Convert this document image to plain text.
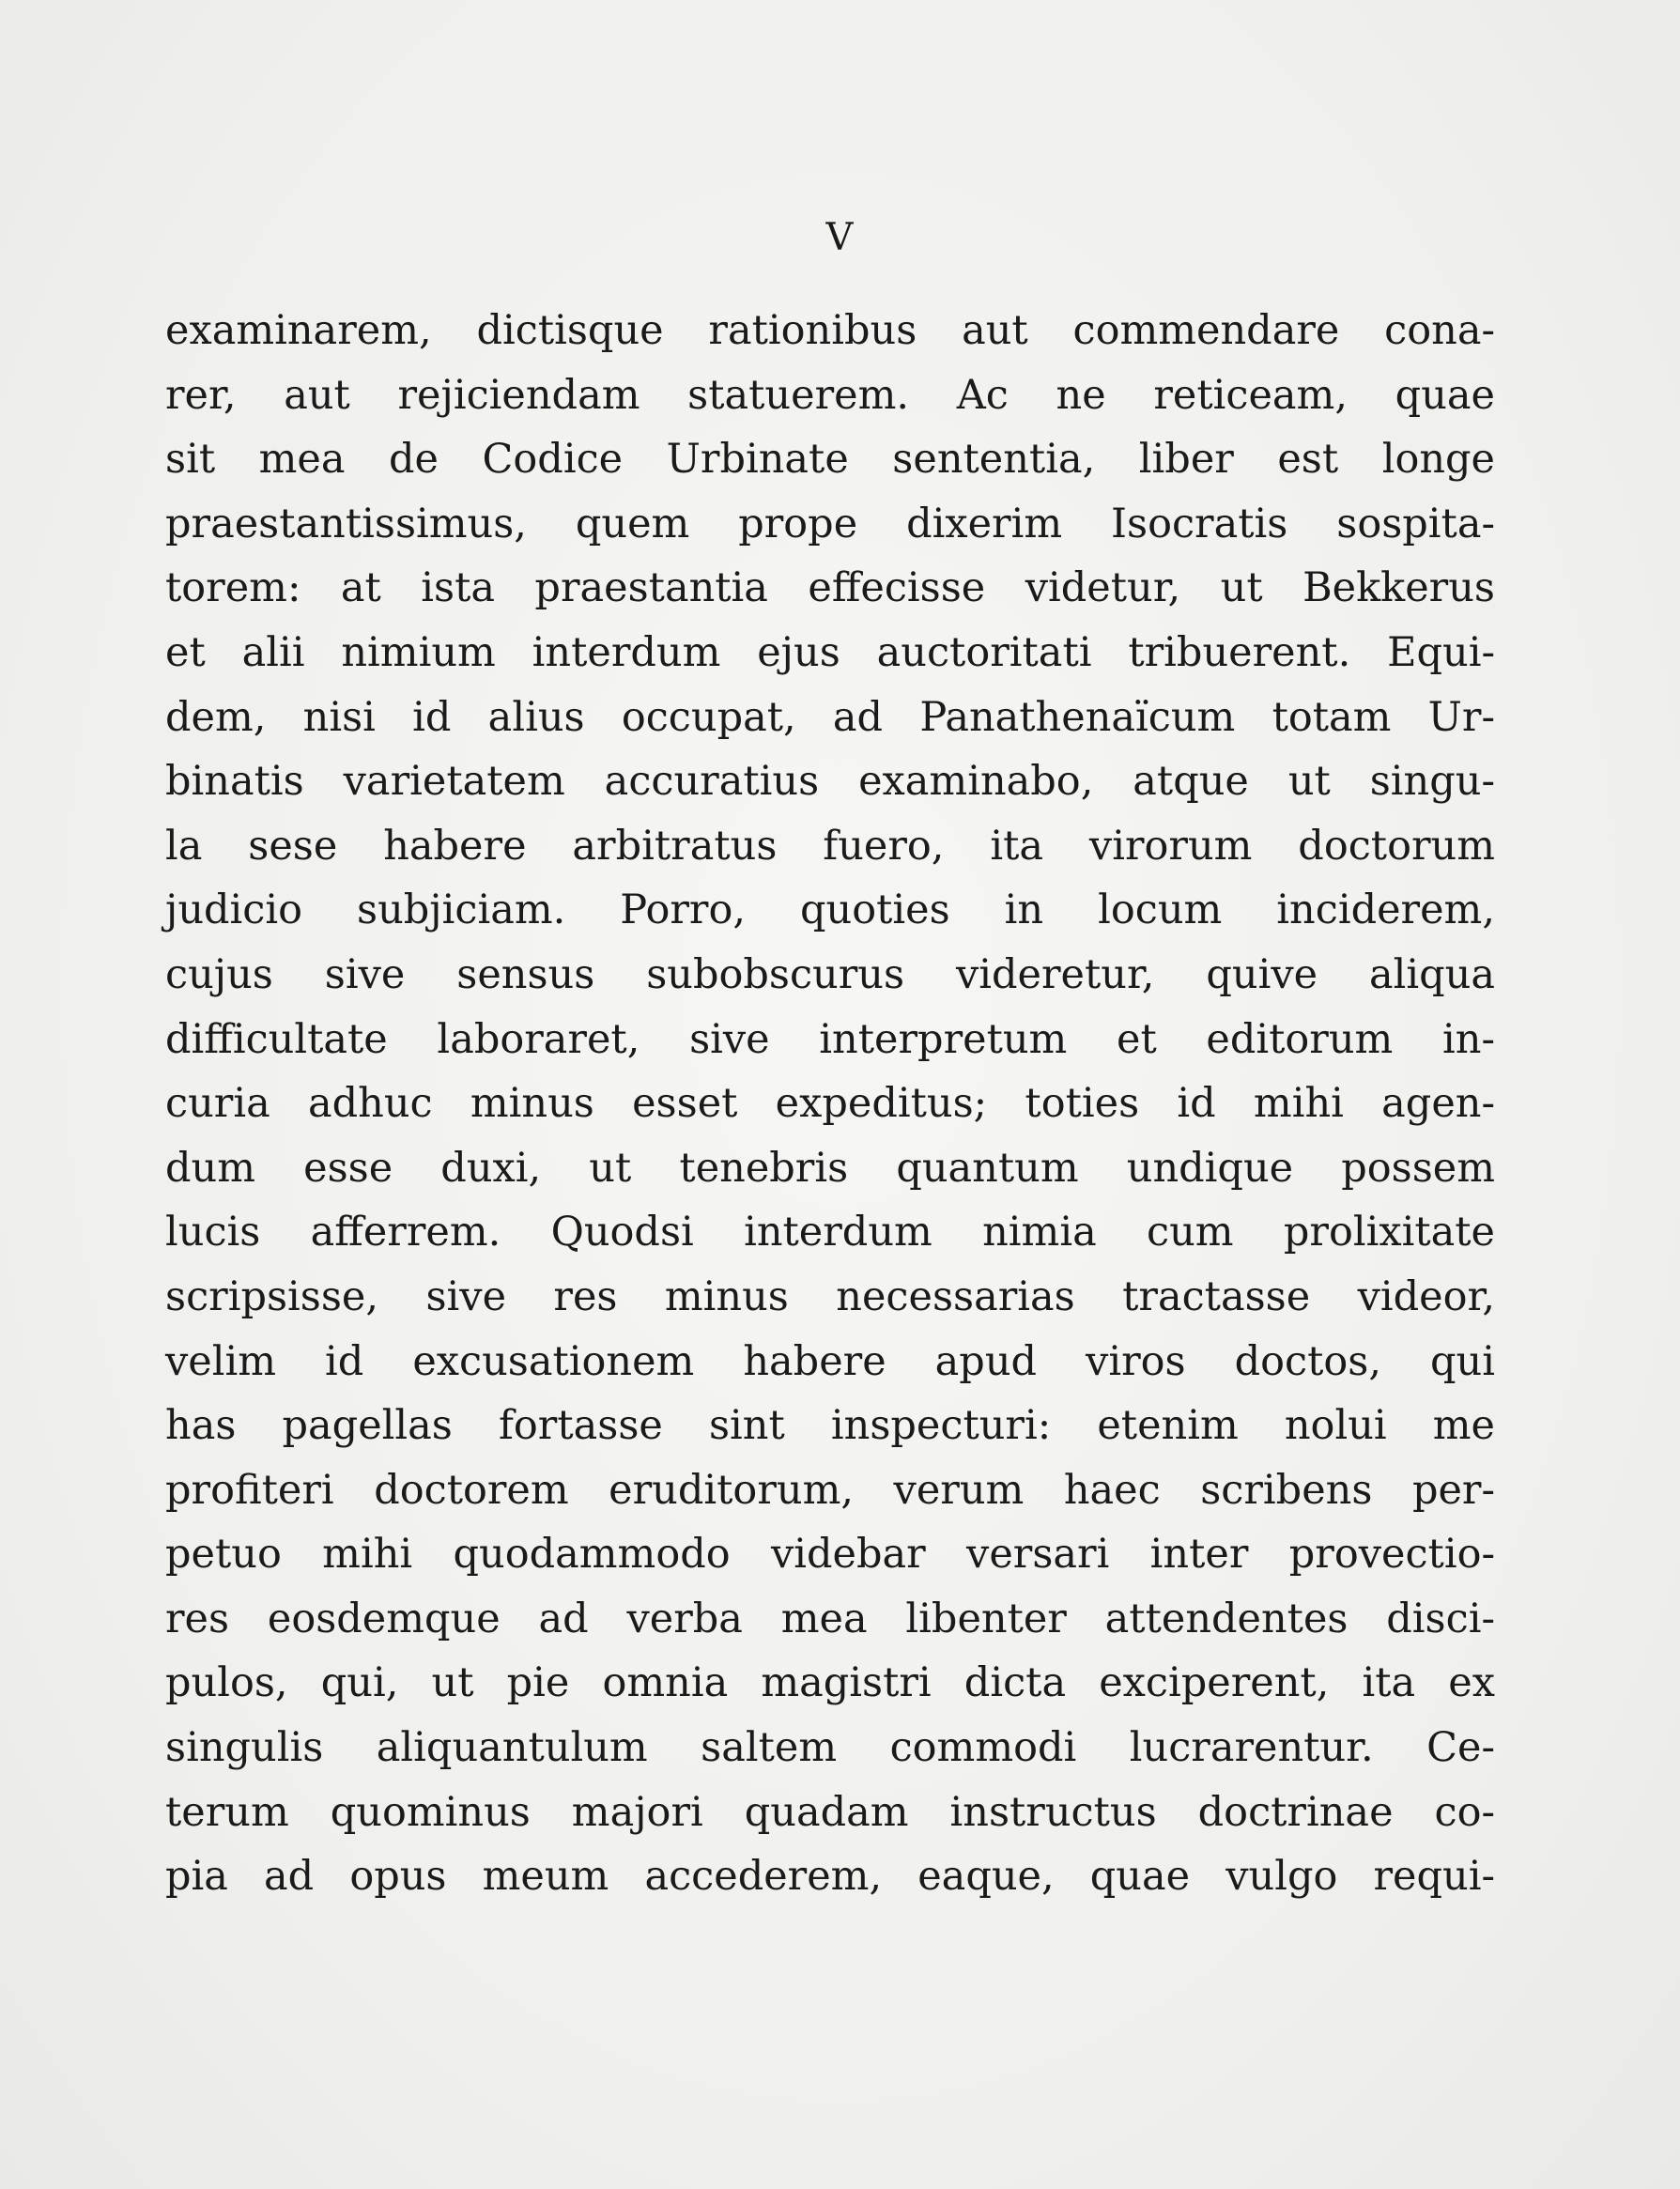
V
examinarem, dictisque rationibus aut commendare cona-
rer, aut rejiciendam statuerem. Ac ne reticeam, quae
sit mea de Codice Urbinate sententia, liber est longe
praestantissimus, quem prope dixerim Isocratis sospita-
torem: at ista praestantia effecisse videtur, ut Bekkerus
et alii nimium interdum ejus auctoritati tribuerent. Equi-
dem, nisi id alius occupat, ad Panathenaïcum totam Ur-
binatis varietatem accuratius examinabo, atque ut singu-
la sese habere arbitratus fuero, ita virorum doctorum
judicio subjiciam. Porro, quoties in locum inciderem,
cujus sive sensus subobscurus videretur, quive aliqua
difficultate laboraret, sive interpretum et editorum in-
curia adhuc minus esset expeditus; toties id mihi agen-
dum esse duxi, ut tenebris quantum undique possem
lucis afferrem. Quodsi interdum nimia cum prolixitate
scripsisse, sive res minus necessarias tractasse videor,
velim id excusationem habere apud viros doctos, qui
has pagellas fortasse sint inspecturi: etenim nolui me
profiteri doctorem eruditorum, verum haec scribens per-
petuo mihi quodammodo videbar versari inter provectio-
res eosdemque ad verba mea libenter attendentes disci-
pulos, qui, ut pie omnia magistri dicta exciperent, ita ex
singulis aliquantulum saltem commodi lucrarentur. Ce-
terum quominus majori quadam instructus doctrinae co-
pia ad opus meum accederem, eaque, quae vulgo requi-
